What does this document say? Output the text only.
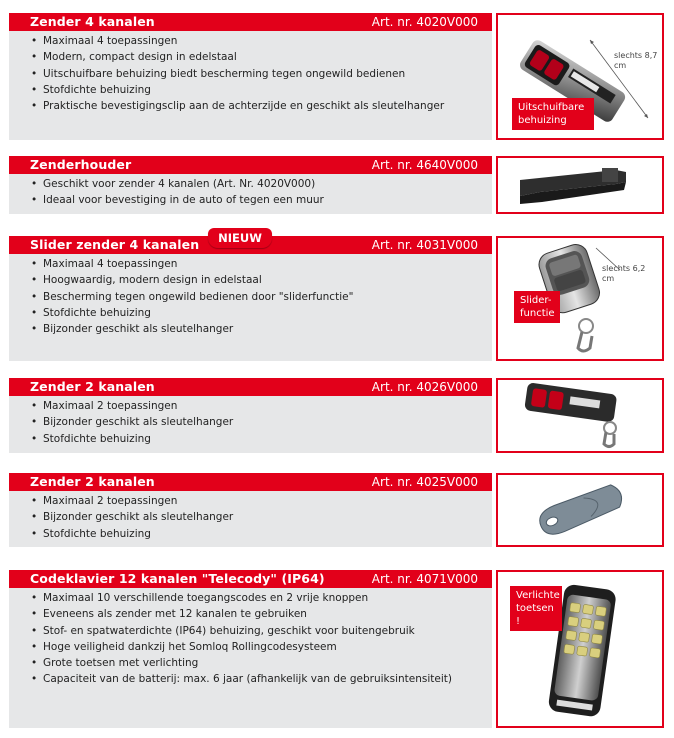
Zender 4 kanalen	Art. nr. 4020V000
• Maximaal 4 toepassingen
• Modern, compact design in edelstaal
• Uitschuifbare behuizing biedt bescherming tegen ongewild bedienen
• Stofdichte behuizing
• Praktische bevestigingsclip aan de achterzijde en geschikt als sleutelhanger
slechts 8,7 cm
Uitschuifbare behuizing
Zenderhouder	Art. nr. 4640V000
• Geschikt voor zender 4 kanalen (Art. Nr. 4020V000)
• Ideaal voor bevestiging in de auto of tegen een muur
Slider zender 4 kanalen	Art. nr. 4031V000
NIEUW
• Maximaal 4 toepassingen
• Hoogwaardig, modern design in edelstaal
• Bescherming tegen ongewild bedienen door "sliderfunctie"
• Stofdichte behuizing
• Bijzonder geschikt als sleutelhanger
slechts 6,2 cm
Slider-functie
Zender 2 kanalen	Art. nr. 4026V000
• Maximaal 2 toepassingen
• Bijzonder geschikt als sleutelhanger
• Stofdichte behuizing
Zender 2 kanalen	Art. nr. 4025V000
• Maximaal 2 toepassingen
• Bijzonder geschikt als sleutelhanger
• Stofdichte behuizing
Codeklavier 12 kanalen "Telecody" (IP64)	Art. nr. 4071V000
• Maximaal 10 verschillende toegangscodes en 2 vrije knoppen
• Eveneens als zender met 12 kanalen te gebruiken
• Stof- en spatwaterdichte (IP64) behuizing, geschikt voor buitengebruik
• Hoge veiligheid dankzij het Somloq Rollingcodesysteem
• Grote toetsen met verlichting
• Capaciteit van de batterij: max. 6 jaar (afhankelijk van de gebruiksintensiteit)
Verlichte toetsen !
